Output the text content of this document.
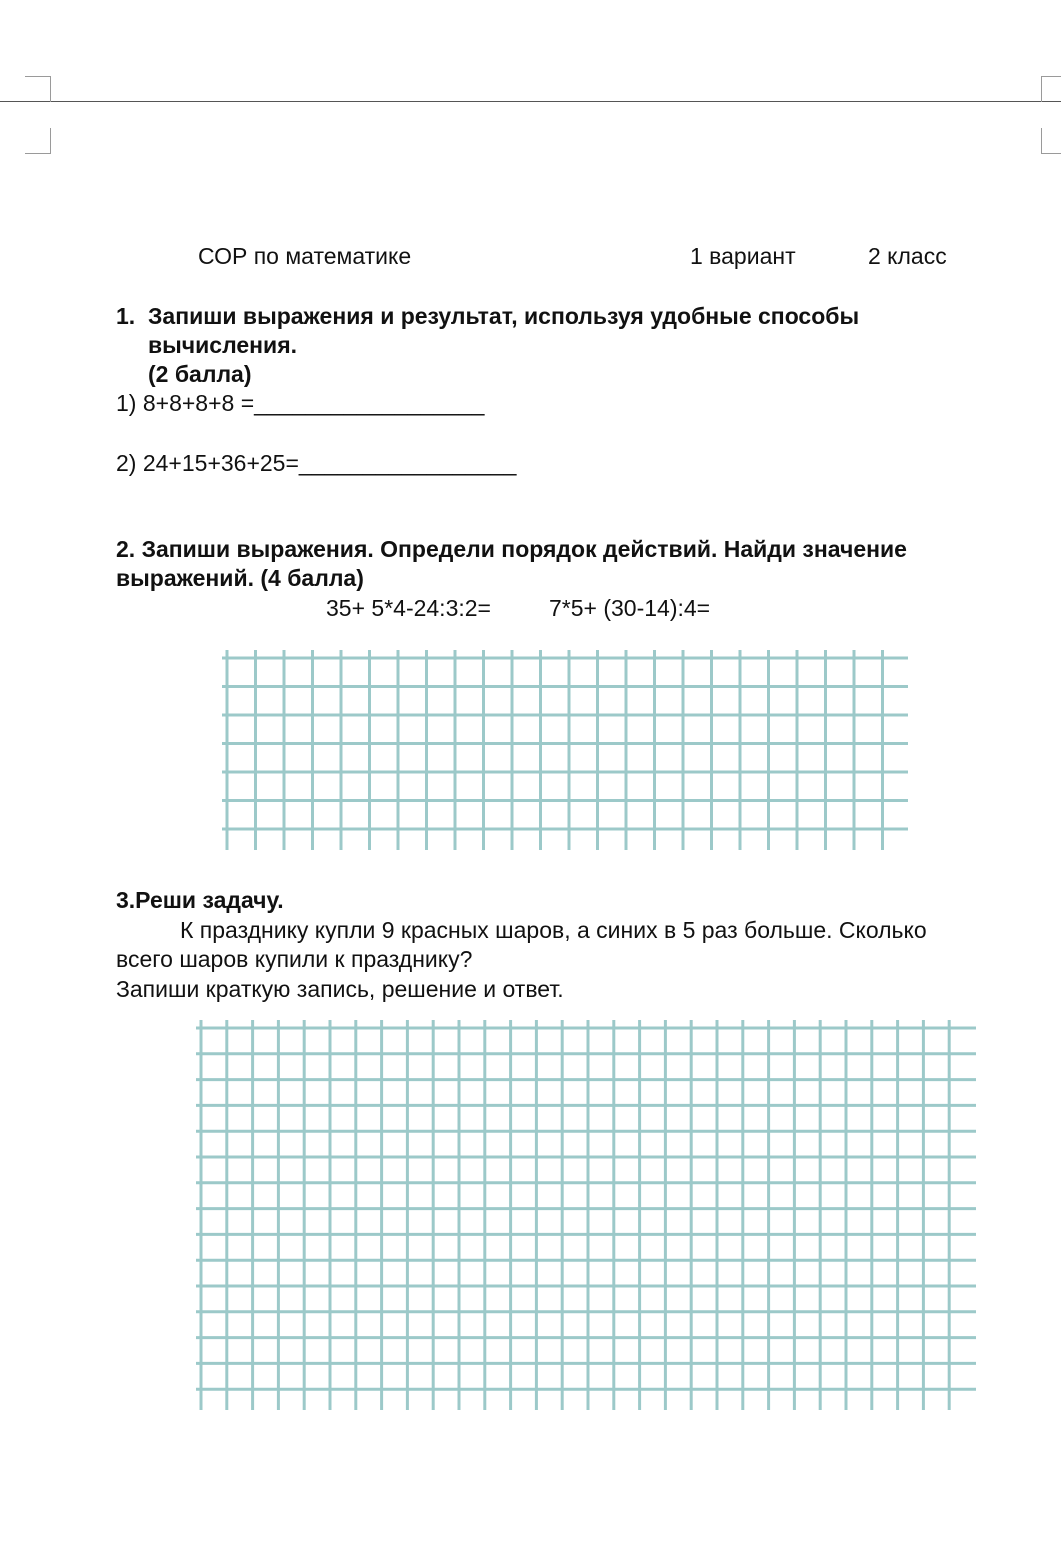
СОР по математике	1 вариант	2 класс
1. Запиши выражения и результат, используя удобные способы
вычисления.
(2 балла)
1) 8+8+8+8 =__________________
2) 24+15+36+25=_________________
2. Запиши выражения. Определи порядок действий. Найди значение
выражений. (4 балла)
35+ 5*4-24:3:2=	7*5+ (30-14):4=
3.Реши задачу.
К празднику купли 9 красных шаров, а синих в 5 раз больше. Сколько
всего шаров купили к празднику?
Запиши краткую запись, решение и ответ.
